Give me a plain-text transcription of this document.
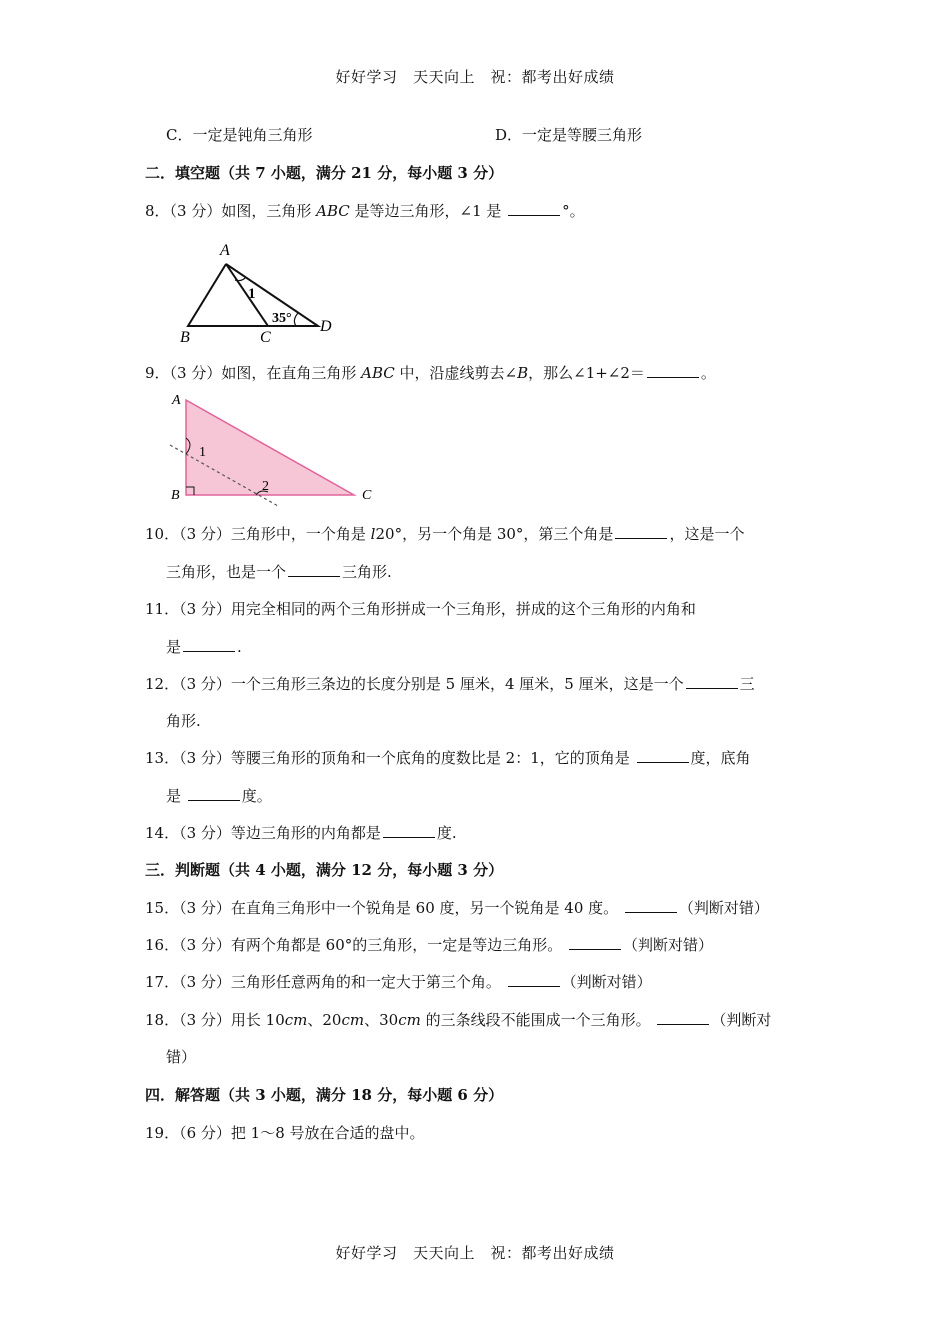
好好学习　天天向上　祝：都考出好成绩
C．一定是钝角三角形	D．一定是等腰三角形
二．填空题（共 7 小题，满分 21 分，每小题 3 分）
8．（3 分）如图，三角形 ABC 是等边三角形，∠1 是	°。
A
B	C
D
1
35°
9．（3 分）如图，在直角三角形 ABC 中，沿虚线剪去∠B，那么∠1+∠2＝	。
A
B	C
1
2
10．（3 分）三角形中，一个角是 l20°，另一个角是 30°，第三个角是	，这是一个
三角形，也是一个	三角形.
11．（3 分）用完全相同的两个三角形拼成一个三角形，拼成的这个三角形的内角和
是	.
12．（3 分）一个三角形三条边的长度分别是 5 厘米，4 厘米，5 厘米，这是一个	三
角形.
13．（3 分）等腰三角形的顶角和一个底角的度数比是 2：1，它的顶角是	度，底角
是	度。
14．（3 分）等边三角形的内角都是	度.
三．判断题（共 4 小题，满分 12 分，每小题 3 分）
15．（3 分）在直角三角形中一个锐角是 60 度，另一个锐角是 40 度。	（判断对错）
16．（3 分）有两个角都是 60°的三角形，一定是等边三角形。	（判断对错）
17．（3 分）三角形任意两角的和一定大于第三个角。	（判断对错）
18．（3 分）用长 10cm、20cm、30cm 的三条线段不能围成一个三角形。	（判断对
错）
四．解答题（共 3 小题，满分 18 分，每小题 6 分）
19．（6 分）把 1～8 号放在合适的盘中。
好好学习　天天向上　祝：都考出好成绩
